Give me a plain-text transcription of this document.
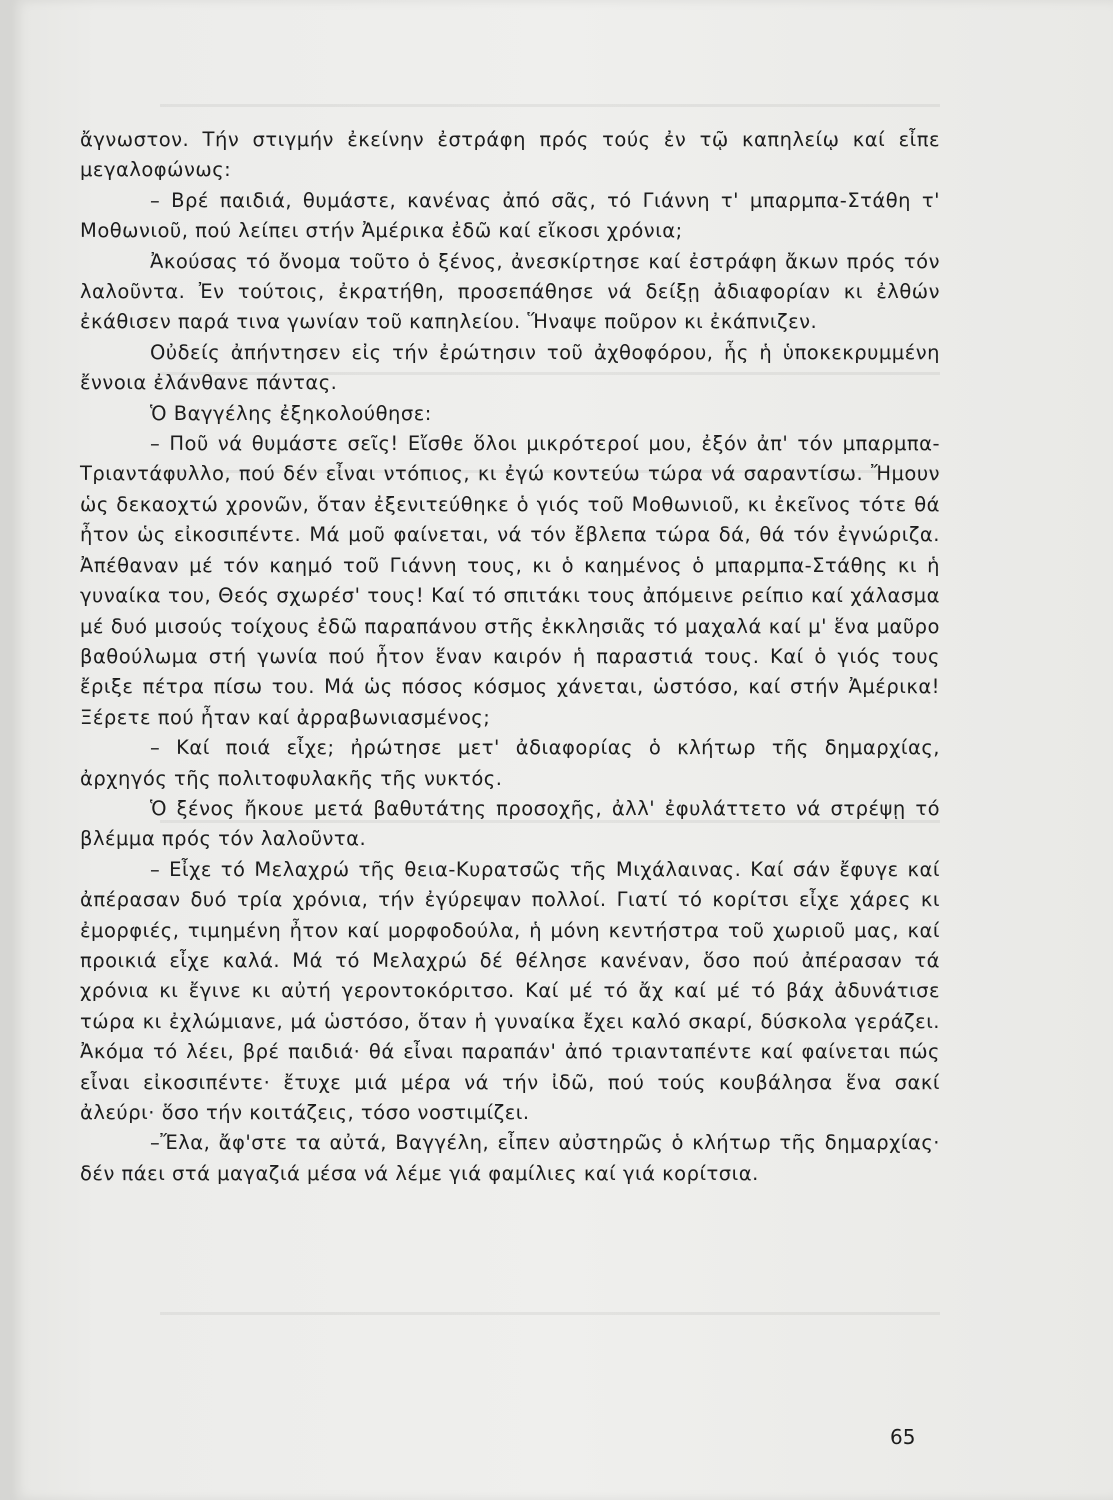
ἄγνωστον. Τήν στιγμήν ἐκείνην ἐστράφη πρός τούς ἐν τῷ καπηλείῳ καί εἶπε μεγαλοφώνως:

– Βρέ παιδιά, θυμάστε, κανένας ἀπό σᾶς, τό Γιάννη τ' μπαρμπα-Στάθη τ' Μοθωνιοῦ, πού λείπει στήν Ἀμέρικα ἐδῶ καί εἴκοσι χρόνια;

Ἀκούσας τό ὄνομα τοῦτο ὁ ξένος, ἀνεσκίρτησε καί ἐστράφη ἄκων πρός τόν λαλοῦντα. Ἐν τούτοις, ἐκρατήθη, προσεπάθησε νά δείξῃ ἀδιαφορίαν κι ἐλθών ἐκάθισεν παρά τινα γωνίαν τοῦ καπηλείου. Ἥναψε ποῦρον κι ἐκάπνιζεν.

Οὐδείς ἀπήντησεν εἰς τήν ἐρώτησιν τοῦ ἀχθοφόρου, ἧς ἡ ὑποκεκρυμμένη ἔννοια ἐλάνθανε πάντας.

Ὁ Βαγγέλης ἐξηκολούθησε:

– Ποῦ νά θυμάστε σεῖς! Εἴσθε ὅλοι μικρότεροί μου, ἐξόν ἀπ' τόν μπαρμπα-Τριαντάφυλλο, πού δέν εἶναι ντόπιος, κι ἐγώ κοντεύω τώρα νά σαραντίσω. Ἤμουν ὡς δεκαοχτώ χρονῶν, ὅταν ἐξενιτεύθηκε ὁ γιός τοῦ Μοθωνιοῦ, κι ἐκεῖνος τότε θά ἦτον ὡς εἰκοσιπέντε. Μά μοῦ φαίνεται, νά τόν ἔβλεπα τώρα δά, θά τόν ἐγνώριζα. Ἀπέθαναν μέ τόν καημό τοῦ Γιάννη τους, κι ὁ καημένος ὁ μπαρμπα-Στάθης κι ἡ γυναίκα του, Θεός σχωρέσ' τους! Καί τό σπιτάκι τους ἀπόμεινε ρείπιο καί χάλασμα μέ δυό μισούς τοίχους ἐδῶ παραπάνου στῆς ἐκκλησιᾶς τό μαχαλά καί μ' ἕνα μαῦρο βαθούλωμα στή γωνία πού ἦτον ἕναν καιρόν ἡ παραστιά τους. Καί ὁ γιός τους ἔριξε πέτρα πίσω του. Μά ὡς πόσος κόσμος χάνεται, ὡστόσο, καί στήν Ἀμέρικα! Ξέρετε πού ἦταν καί ἀρραβωνιασμένος;

– Καί ποιά εἶχε; ἠρώτησε μετ' ἀδιαφορίας ὁ κλήτωρ τῆς δημαρχίας, ἀρχηγός τῆς πολιτοφυλακῆς τῆς νυκτός.

Ὁ ξένος ἤκουε μετά βαθυτάτης προσοχῆς, ἀλλ' ἐφυλάττετο νά στρέψῃ τό βλέμμα πρός τόν λαλοῦντα.

– Εἶχε τό Μελαχρώ τῆς θεια-Κυρατσῶς τῆς Μιχάλαινας. Καί σάν ἔφυγε καί ἀπέρασαν δυό τρία χρόνια, τήν ἐγύρεψαν πολλοί. Γιατί τό κορίτσι εἶχε χάρες κι ἐμορφιές, τιμημένη ἦτον καί μορφοδούλα, ἡ μόνη κεντήστρα τοῦ χωριοῦ μας, καί προικιά εἶχε καλά. Μά τό Μελαχρώ δέ θέλησε κανέναν, ὅσο πού ἀπέρασαν τά χρόνια κι ἔγινε κι αὐτή γεροντοκόριτσο. Καί μέ τό ἄχ καί μέ τό βάχ ἀδυνάτισε τώρα κι ἐχλώμιανε, μά ὡστόσο, ὅταν ἡ γυναίκα ἔχει καλό σκαρί, δύσκολα γεράζει. Ἀκόμα τό λέει, βρέ παιδιά· θά εἶναι παραπάν' ἀπό τριανταπέντε καί φαίνεται πώς εἶναι εἰκοσιπέντε· ἔτυχε μιά μέρα νά τήν ἰδῶ, πού τούς κουβάλησα ἕνα σακί ἀλεύρι· ὅσο τήν κοιτάζεις, τόσο νοστιμίζει.

–Ἔλα, ἄφ'στε τα αὐτά, Βαγγέλη, εἶπεν αὐστηρῶς ὁ κλήτωρ τῆς δημαρχίας· δέν πάει στά μαγαζιά μέσα νά λέμε γιά φαμίλιες καί γιά κορίτσια.

65
